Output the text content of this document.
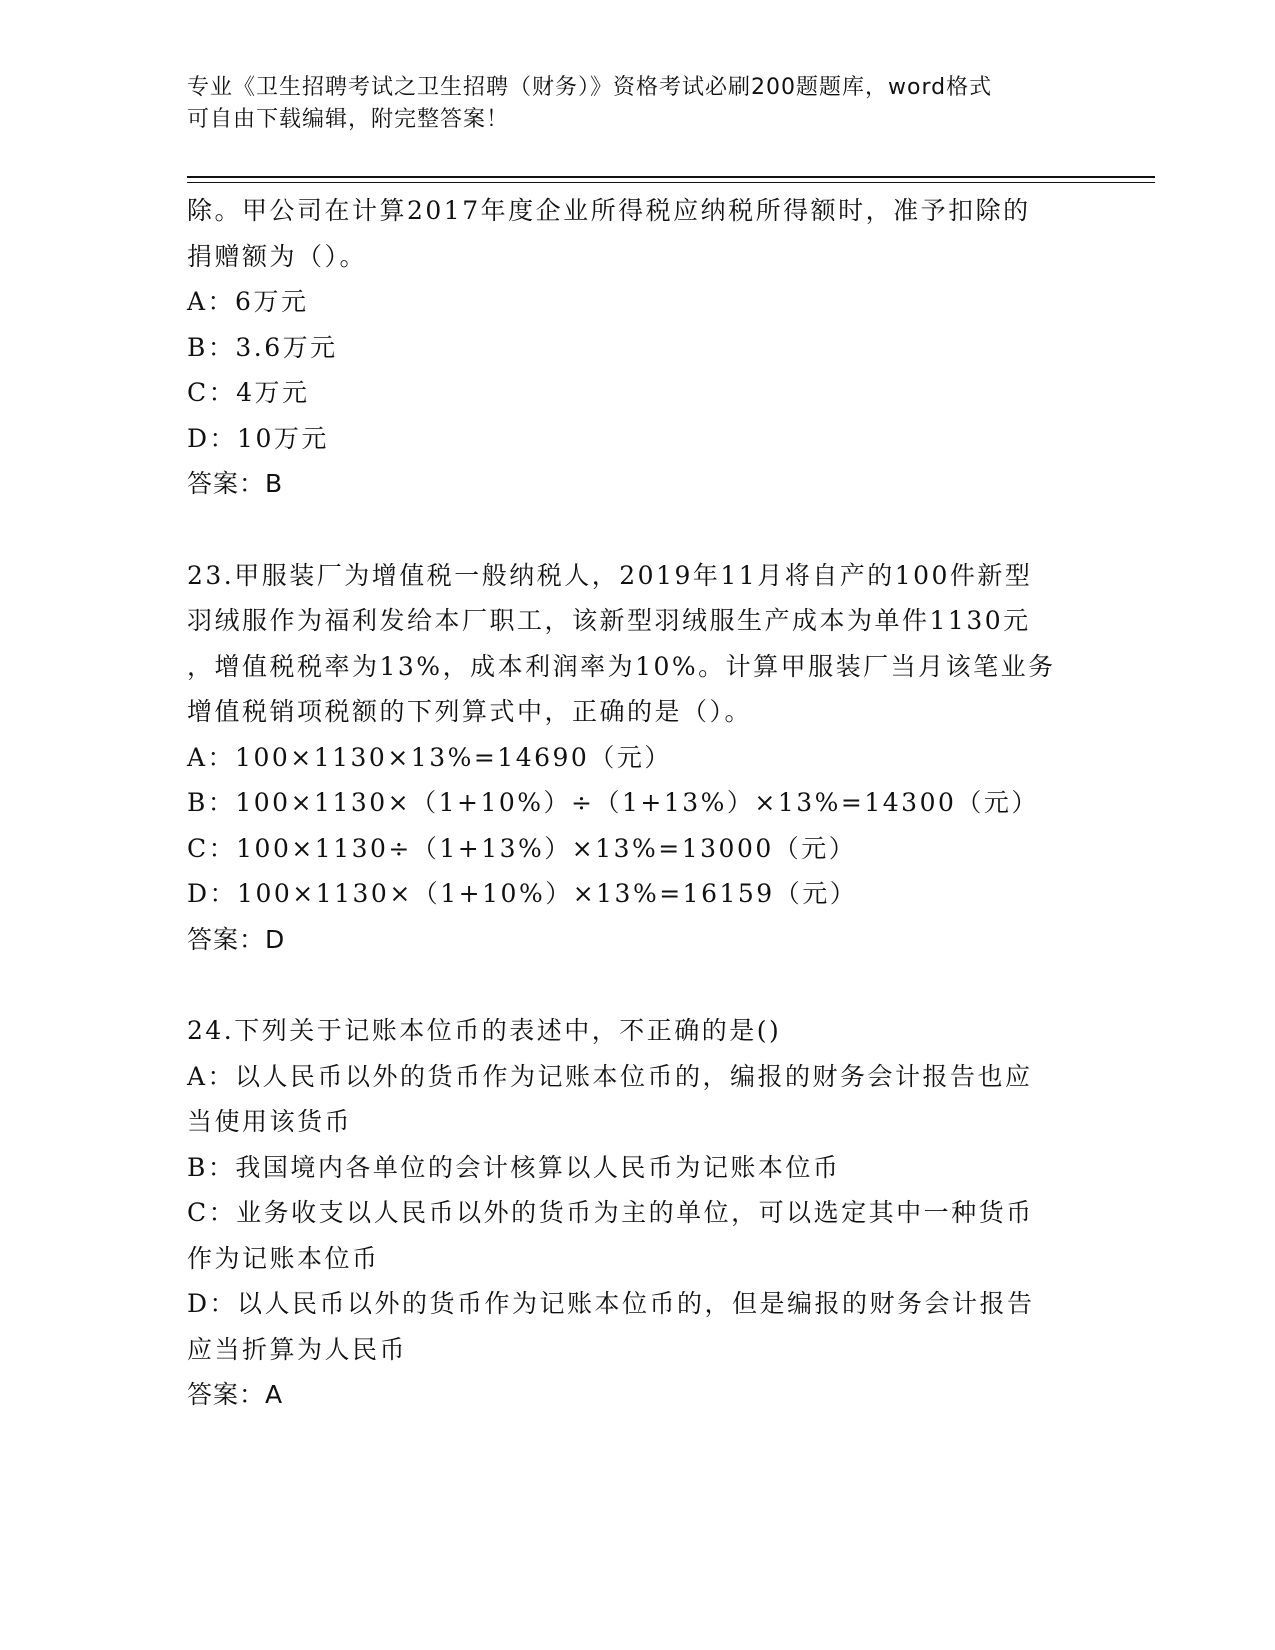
专业《卫生招聘考试之卫生招聘（财务）》资格考试必刷200题题库，word格式
可自由下载编辑，附完整答案！
除。甲公司在计算2017年度企业所得税应纳税所得额时，准予扣除的
捐赠额为（）。
A：6万元
B：3.6万元
C：4万元
D：10万元
答案：B
23.甲服装厂为增值税一般纳税人，2019年11月将自产的100件新型
羽绒服作为福利发给本厂职工，该新型羽绒服生产成本为单件1130元
，增值税税率为13%，成本利润率为10%。计算甲服装厂当月该笔业务
增值税销项税额的下列算式中，正确的是（）。
A：100×1130×13%=14690（元）
B：100×1130×（1+10%）÷（1+13%）×13%=14300（元）
C：100×1130÷（1+13%）×13%=13000（元）
D：100×1130×（1+10%）×13%=16159（元）
答案：D
24.下列关于记账本位币的表述中，不正确的是()
A：以人民币以外的货币作为记账本位币的，编报的财务会计报告也应
当使用该货币
B：我国境内各单位的会计核算以人民币为记账本位币
C：业务收支以人民币以外的货币为主的单位，可以选定其中一种货币
作为记账本位币
D：以人民币以外的货币作为记账本位币的，但是编报的财务会计报告
应当折算为人民币
答案：A
